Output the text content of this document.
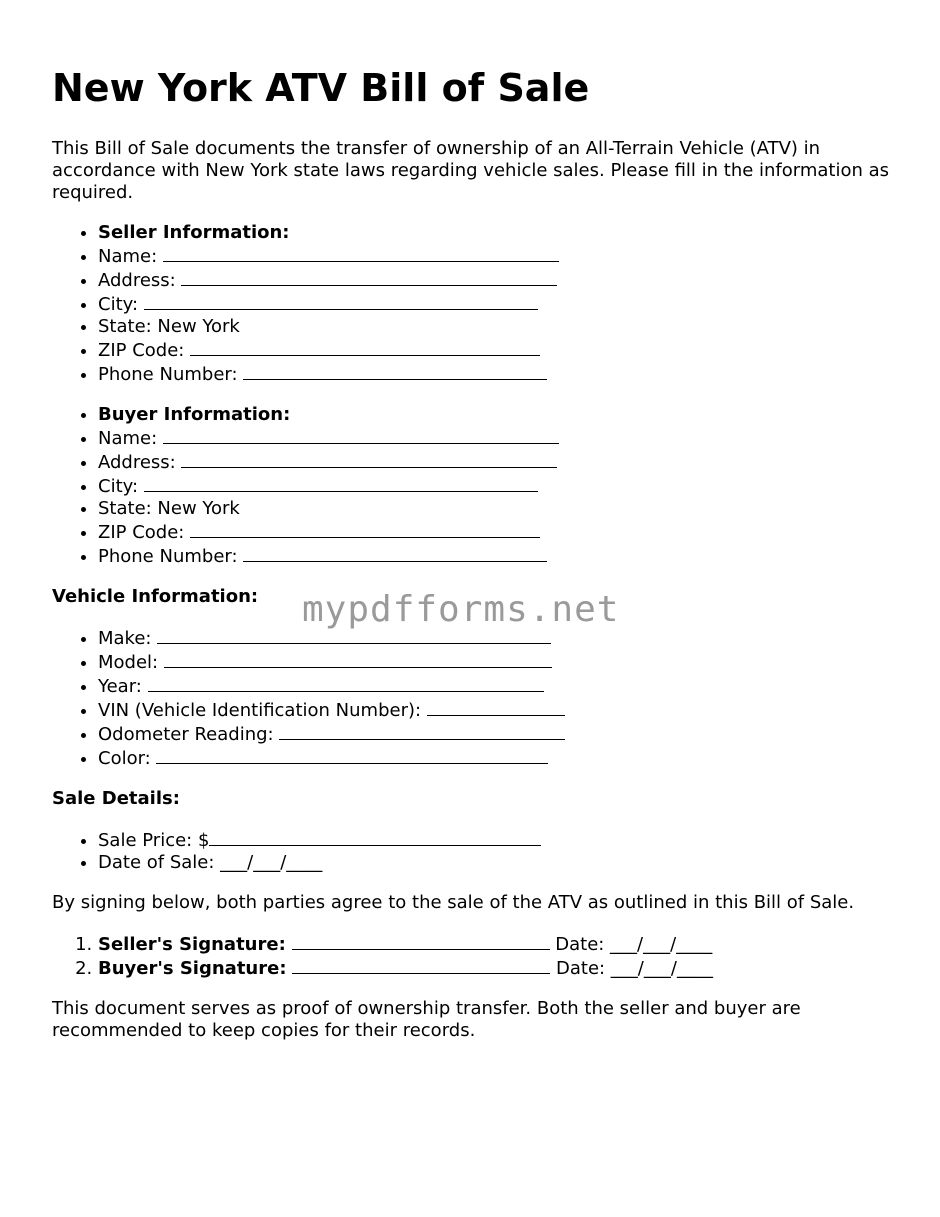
New York ATV Bill of Sale

This Bill of Sale documents the transfer of ownership of an All-Terrain Vehicle (ATV) in accordance with New York state laws regarding vehicle sales. Please fill in the information as required.

• Seller Information:
• Name:
• Address:
• City:
• State: New York
• ZIP Code:
• Phone Number:
• Buyer Information:
• Name:
• Address:
• City:
• State: New York
• ZIP Code:
• Phone Number:

Vehicle Information:

• Make:
• Model:
• Year:
• VIN (Vehicle Identification Number):
• Odometer Reading:
• Color:

Sale Details:

• Sale Price: $
• Date of Sale: ___/___/____

By signing below, both parties agree to the sale of the ATV as outlined in this Bill of Sale.

1. Seller's Signature:	Date: ___/___/____
2. Buyer's Signature:	Date: ___/___/____

This document serves as proof of ownership transfer. Both the seller and buyer are recommended to keep copies for their records.

mypdfforms.net
